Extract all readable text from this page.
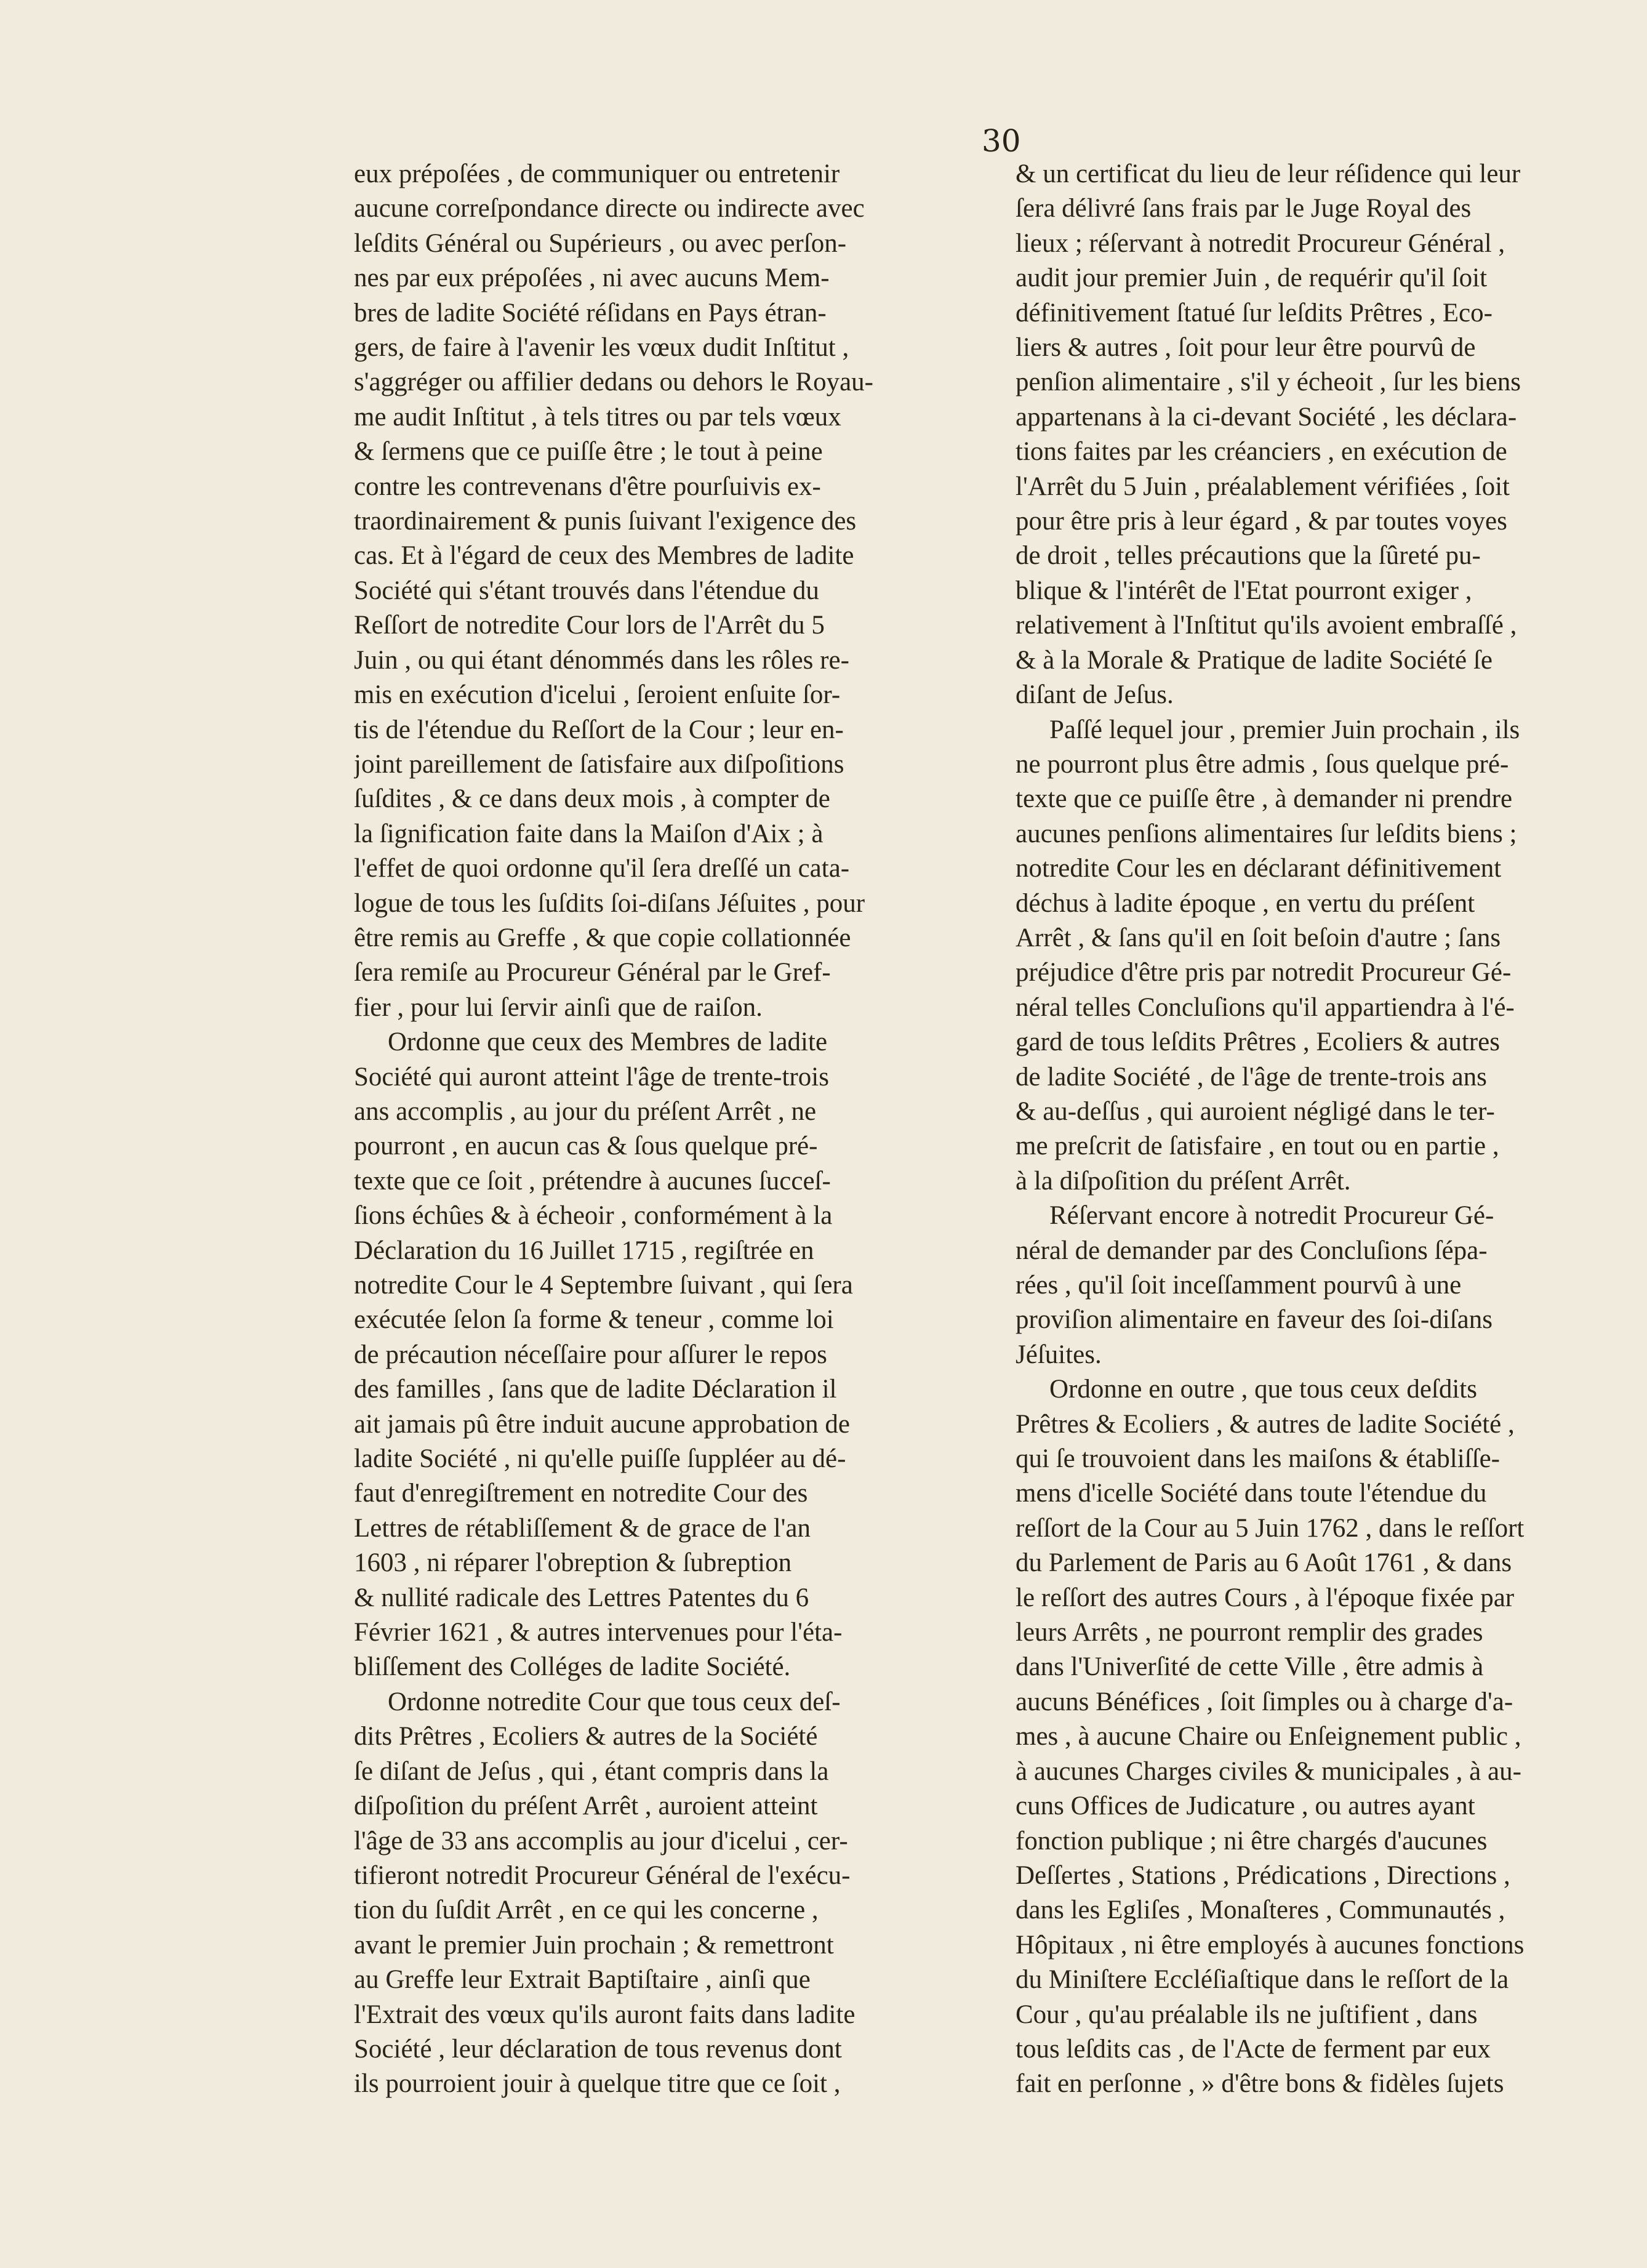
30
eux prépoſées , de communiquer ou entretenir
aucune correſpondance directe ou indirecte avec
leſdits Général ou Supérieurs , ou avec perſon-
nes par eux prépoſées , ni avec aucuns Mem-
bres de ladite Société réſidans en Pays étran-
gers, de faire à l'avenir les vœux dudit Inſtitut ,
s'aggréger ou affilier dedans ou dehors le Royau-
me audit Inſtitut , à tels titres ou par tels vœux
& ſermens que ce puiſſe être ; le tout à peine
contre les contrevenans d'être pourſuivis ex-
traordinairement & punis ſuivant l'exigence des
cas. Et à l'égard de ceux des Membres de ladite
Société qui s'étant trouvés dans l'étendue du
Reſſort de notredite Cour lors de l'Arrêt du 5
Juin , ou qui étant dénommés dans les rôles re-
mis en exécution d'icelui , ſeroient enſuite ſor-
tis de l'étendue du Reſſort de la Cour ; leur en-
joint pareillement de ſatisfaire aux diſpoſitions
ſuſdites , & ce dans deux mois , à compter de
la ſignification faite dans la Maiſon d'Aix ; à
l'effet de quoi ordonne qu'il ſera dreſſé un cata-
logue de tous les ſuſdits ſoi-diſans Jéſuites , pour
être remis au Greffe , & que copie collationnée
ſera remiſe au Procureur Général par le Gref-
fier , pour lui ſervir ainſi que de raiſon.
Ordonne que ceux des Membres de ladite
Société qui auront atteint l'âge de trente-trois
ans accomplis , au jour du préſent Arrêt , ne
pourront , en aucun cas & ſous quelque pré-
texte que ce ſoit , prétendre à aucunes ſucceſ-
ſions échûes & à écheoir , conformément à la
Déclaration du 16 Juillet 1715 , regiſtrée en
notredite Cour le 4 Septembre ſuivant , qui ſera
exécutée ſelon ſa forme & teneur , comme loi
de précaution néceſſaire pour aſſurer le repos
des familles , ſans que de ladite Déclaration il
ait jamais pû être induit aucune approbation de
ladite Société , ni qu'elle puiſſe ſuppléer au dé-
faut d'enregiſtrement en notredite Cour des
Lettres de rétabliſſement & de grace de l'an
1603 , ni réparer l'obreption & ſubreption
& nullité radicale des Lettres Patentes du 6
Février 1621 , & autres intervenues pour l'éta-
bliſſement des Colléges de ladite Société.
Ordonne notredite Cour que tous ceux deſ-
dits Prêtres , Ecoliers & autres de la Société
ſe diſant de Jeſus , qui , étant compris dans la
diſpoſition du préſent Arrêt , auroient atteint
l'âge de 33 ans accomplis au jour d'icelui , cer-
tifieront notredit Procureur Général de l'exécu-
tion du ſuſdit Arrêt , en ce qui les concerne ,
avant le premier Juin prochain ; & remettront
au Greffe leur Extrait Baptiſtaire , ainſi que
l'Extrait des vœux qu'ils auront faits dans ladite
Société , leur déclaration de tous revenus dont
ils pourroient jouir à quelque titre que ce ſoit ,
& un certificat du lieu de leur réſidence qui leur
ſera délivré ſans frais par le Juge Royal des
lieux ; réſervant à notredit Procureur Général ,
audit jour premier Juin , de requérir qu'il ſoit
définitivement ſtatué ſur leſdits Prêtres , Eco-
liers & autres , ſoit pour leur être pourvû de
penſion alimentaire , s'il y écheoit , ſur les biens
appartenans à la ci-devant Société , les déclara-
tions faites par les créanciers , en exécution de
l'Arrêt du 5 Juin , préalablement vérifiées , ſoit
pour être pris à leur égard , & par toutes voyes
de droit , telles précautions que la ſûreté pu-
blique & l'intérêt de l'Etat pourront exiger ,
relativement à l'Inſtitut qu'ils avoient embraſſé ,
& à la Morale & Pratique de ladite Société ſe
diſant de Jeſus.
Paſſé lequel jour , premier Juin prochain , ils
ne pourront plus être admis , ſous quelque pré-
texte que ce puiſſe être , à demander ni prendre
aucunes penſions alimentaires ſur leſdits biens ;
notredite Cour les en déclarant définitivement
déchus à ladite époque , en vertu du préſent
Arrêt , & ſans qu'il en ſoit beſoin d'autre ; ſans
préjudice d'être pris par notredit Procureur Gé-
néral telles Concluſions qu'il appartiendra à l'é-
gard de tous leſdits Prêtres , Ecoliers & autres
de ladite Société , de l'âge de trente-trois ans
& au-deſſus , qui auroient négligé dans le ter-
me preſcrit de ſatisfaire , en tout ou en partie ,
à la diſpoſition du préſent Arrêt.
Réſervant encore à notredit Procureur Gé-
néral de demander par des Concluſions ſépa-
rées , qu'il ſoit inceſſamment pourvû à une
proviſion alimentaire en faveur des ſoi-diſans
Jéſuites.
Ordonne en outre , que tous ceux deſdits
Prêtres & Ecoliers , & autres de ladite Société ,
qui ſe trouvoient dans les maiſons & établiſſe-
mens d'icelle Société dans toute l'étendue du
reſſort de la Cour au 5 Juin 1762 , dans le reſſort
du Parlement de Paris au 6 Août 1761 , & dans
le reſſort des autres Cours , à l'époque fixée par
leurs Arrêts , ne pourront remplir des grades
dans l'Univerſité de cette Ville , être admis à
aucuns Bénéfices , ſoit ſimples ou à charge d'a-
mes , à aucune Chaire ou Enſeignement public ,
à aucunes Charges civiles & municipales , à au-
cuns Offices de Judicature , ou autres ayant
fonction publique ; ni être chargés d'aucunes
Deſſertes , Stations , Prédications , Directions ,
dans les Egliſes , Monaſteres , Communautés ,
Hôpitaux , ni être employés à aucunes fonctions
du Miniſtere Eccléſiaſtique dans le reſſort de la
Cour , qu'au préalable ils ne juſtifient , dans
tous leſdits cas , de l'Acte de ferment par eux
fait en perſonne , » d'être bons & fidèles ſujets
